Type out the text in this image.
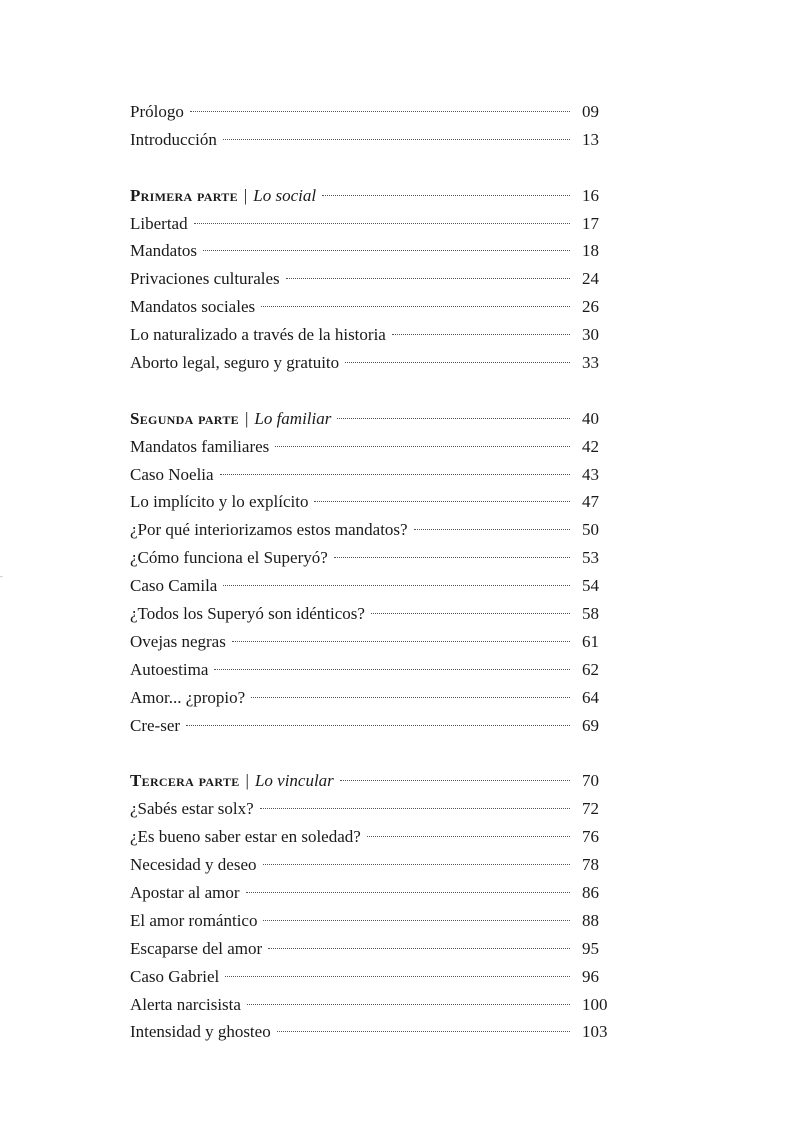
Prólogo	09
Introducción	13
Primera parte | Lo social	16
Libertad	17
Mandatos	18
Privaciones culturales	24
Mandatos sociales	26
Lo naturalizado a través de la historia	30
Aborto legal, seguro y gratuito	33
Segunda parte | Lo familiar	40
Mandatos familiares	42
Caso Noelia	43
Lo implícito y lo explícito	47
¿Por qué interiorizamos estos mandatos?	50
¿Cómo funciona el Superyó?	53
Caso Camila	54
¿Todos los Superyó son idénticos?	58
Ovejas negras	61
Autoestima	62
Amor... ¿propio?	64
Cre-ser	69
Tercera parte | Lo vincular	70
¿Sabés estar solx?	72
¿Es bueno saber estar en soledad?	76
Necesidad y deseo	78
Apostar al amor	86
El amor romántico	88
Escaparse del amor	95
Caso Gabriel	96
Alerta narcisista	100
Intensidad y ghosteo	103
-
